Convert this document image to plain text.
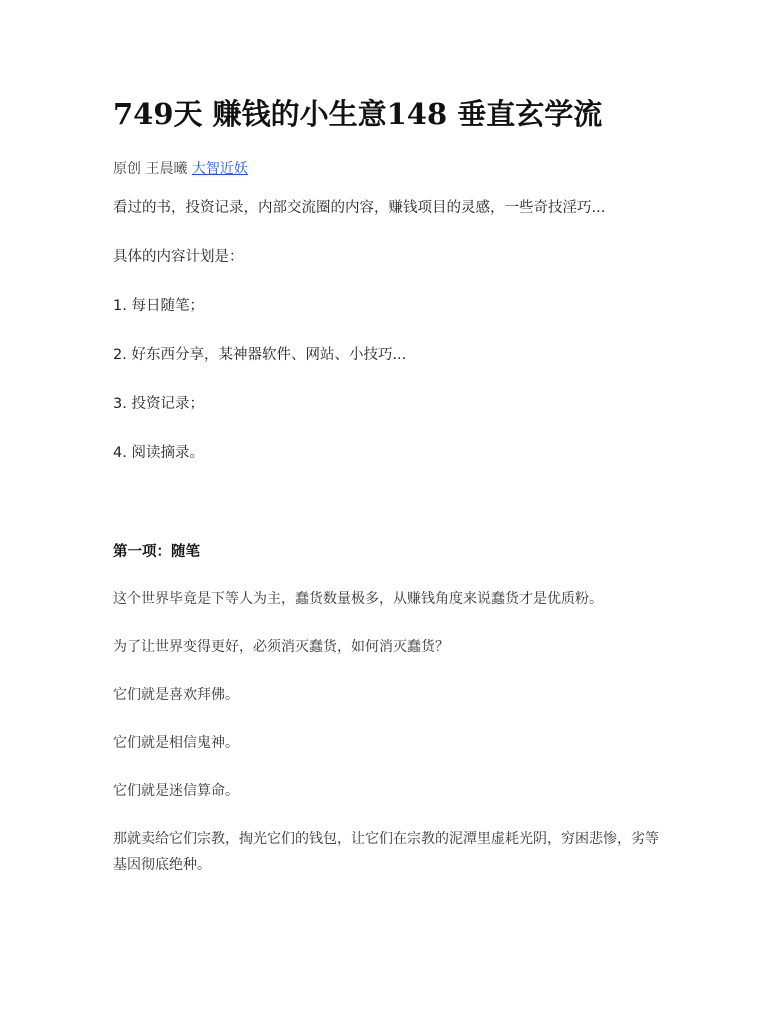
749天 赚钱的小生意148 垂直玄学流
原创 王晨曦 大智近妖

看过的书，投资记录，内部交流圈的内容，赚钱项目的灵感，一些奇技淫巧...

具体的内容计划是：

1. 每日随笔；

2. 好东西分享，某神器软件、网站、小技巧...

3. 投资记录；

4. 阅读摘录。

第一项：随笔

这个世界毕竟是下等人为主，蠢货数量极多，从赚钱角度来说蠢货才是优质粉。

为了让世界变得更好，必须消灭蠢货，如何消灭蠢货？

它们就是喜欢拜佛。

它们就是相信鬼神。

它们就是迷信算命。

那就卖给它们宗教，掏光它们的钱包，让它们在宗教的泥潭里虚耗光阴，穷困悲惨，劣等基因彻底绝种。
